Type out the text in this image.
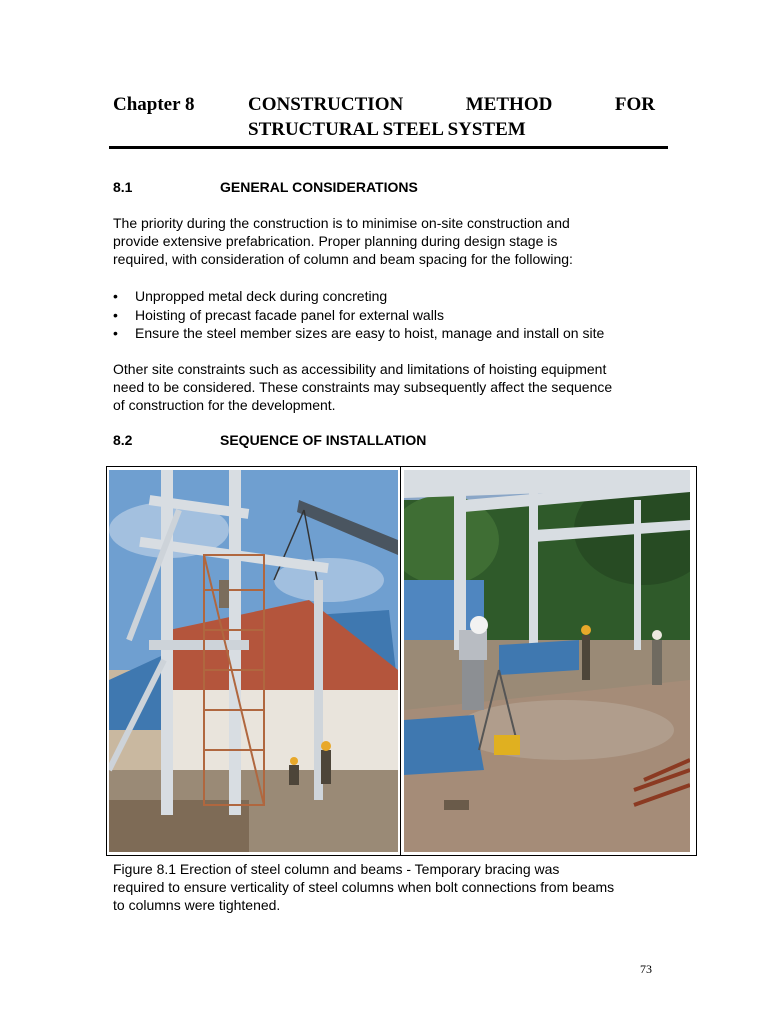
Chapter 8	CONSTRUCTION	METHOD	FOR
STRUCTURAL STEEL SYSTEM
8.1	GENERAL CONSIDERATIONS
The priority during the construction is to minimise on-site construction and
provide extensive prefabrication. Proper planning during design stage is
required, with consideration of column and beam spacing for the following:
• Unpropped metal deck during concreting
• Hoisting of precast facade panel for external walls
• Ensure the steel member sizes are easy to hoist, manage and install on site
Other site constraints such as accessibility and limitations of hoisting equipment
need to be considered. These constraints may subsequently affect the sequence
of construction for the development.
8.2	SEQUENCE OF INSTALLATION
Figure 8.1 Erection of steel column and beams - Temporary bracing was
required to ensure verticality of steel columns when bolt connections from beams
to columns were tightened.
73
